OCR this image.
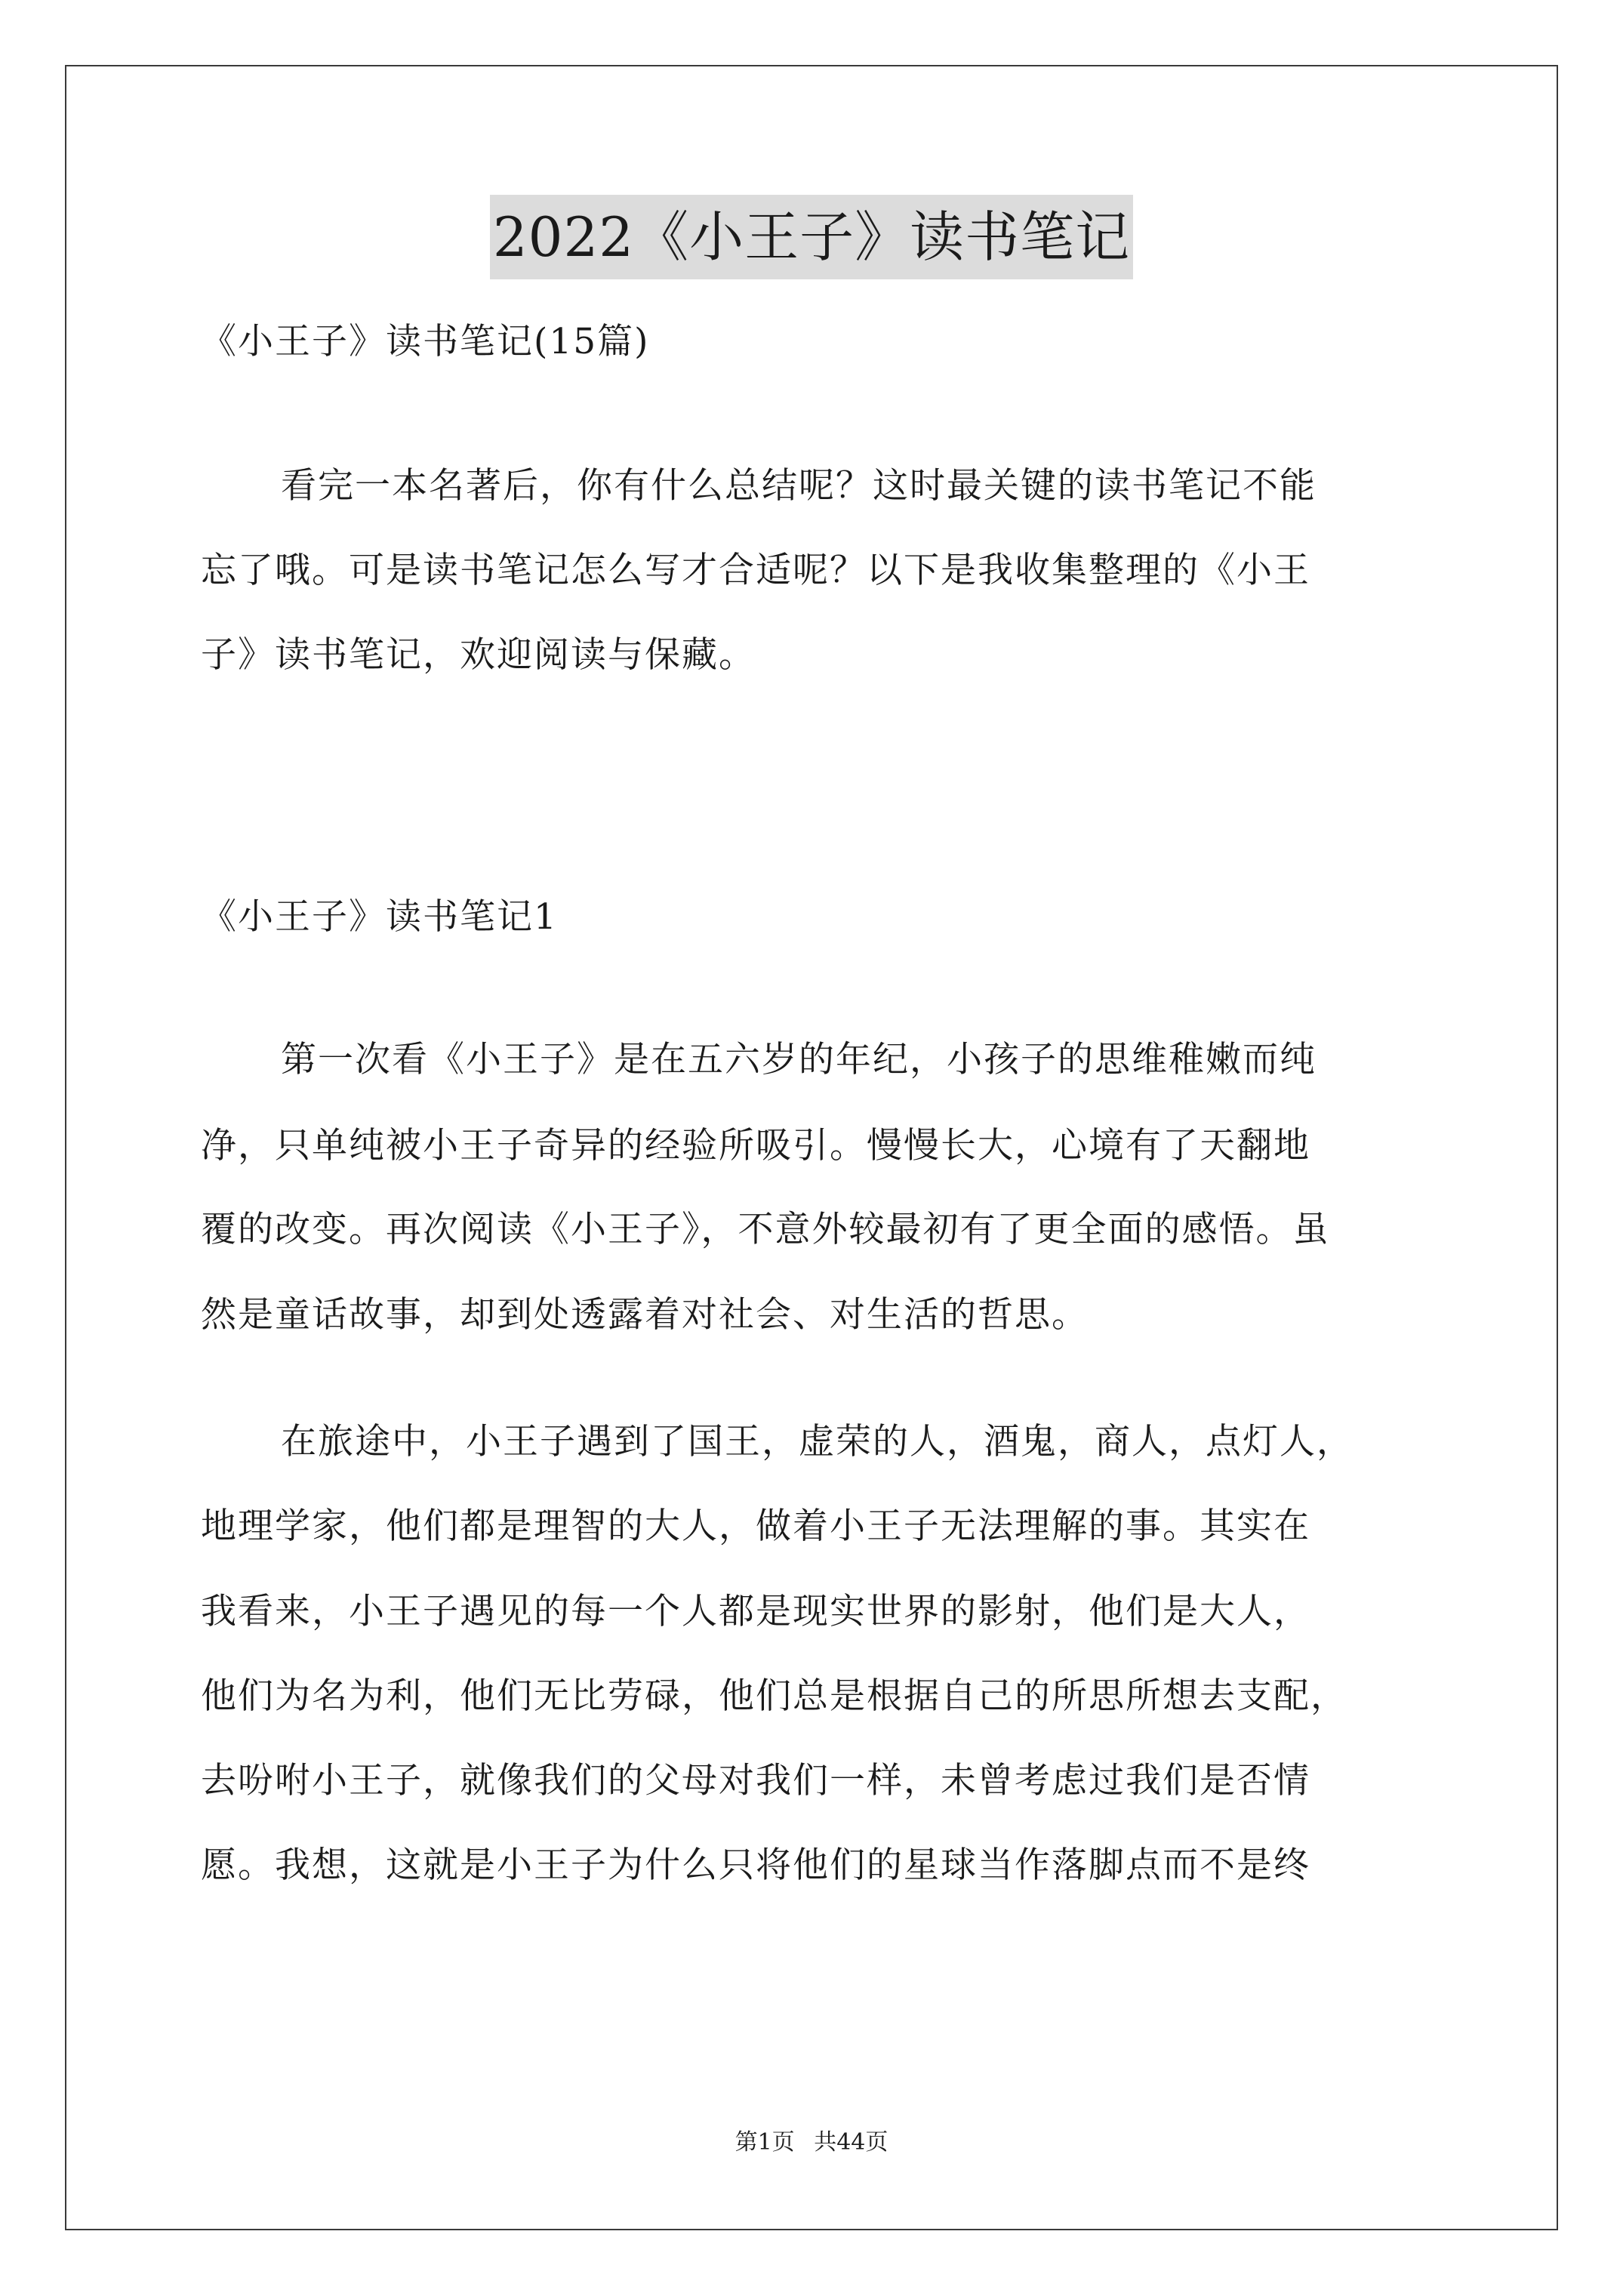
2022《小王子》读书笔记
《小王子》读书笔记(15篇)
看完一本名著后，你有什么总结呢？这时最关键的读书笔记不能
忘了哦。可是读书笔记怎么写才合适呢？以下是我收集整理的《小王
子》读书笔记，欢迎阅读与保藏。
《小王子》读书笔记1
第一次看《小王子》是在五六岁的年纪，小孩子的思维稚嫩而纯
净，只单纯被小王子奇异的经验所吸引。慢慢长大，心境有了天翻地
覆的改变。再次阅读《小王子》，不意外较最初有了更全面的感悟。虽
然是童话故事，却到处透露着对社会、对生活的哲思。
在旅途中，小王子遇到了国王，虚荣的人，酒鬼，商人，点灯人，
地理学家，他们都是理智的大人，做着小王子无法理解的事。其实在
我看来，小王子遇见的每一个人都是现实世界的影射，他们是大人，
他们为名为利，他们无比劳碌，他们总是根据自己的所思所想去支配，
去吩咐小王子，就像我们的父母对我们一样，未曾考虑过我们是否情
愿。我想，这就是小王子为什么只将他们的星球当作落脚点而不是终
第1页 共44页
